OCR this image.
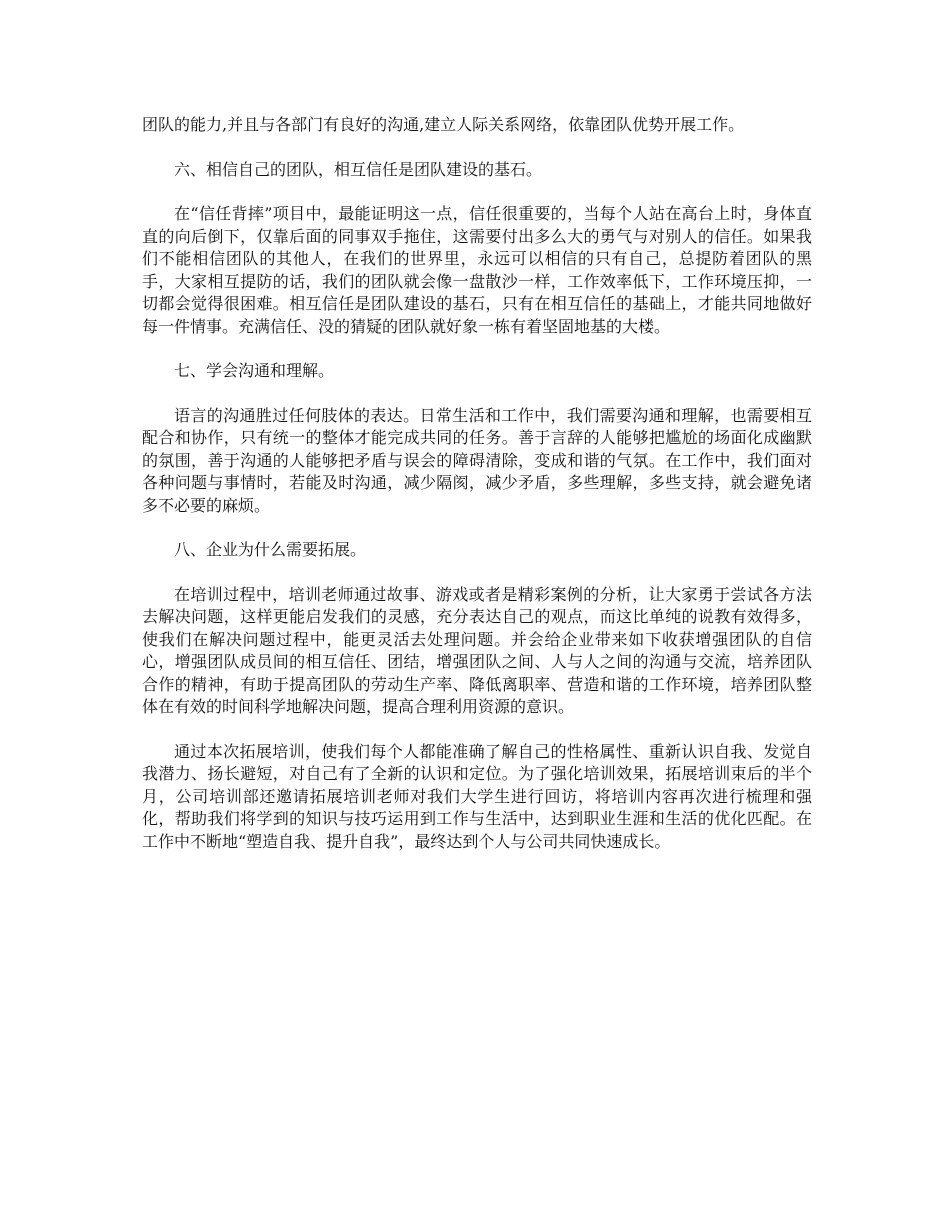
团队的能力,并且与各部门有良好的沟通,建立人际关系网络，依靠团队优势开展工作。

六、相信自己的团队，相互信任是团队建设的基石。

在“信任背摔”项目中，最能证明这一点，信任很重要的，当每个人站在高台上时，身体直直的向后倒下，仅靠后面的同事双手拖住，这需要付出多么大的勇气与对别人的信任。如果我们不能相信团队的其他人，在我们的世界里，永远可以相信的只有自己，总提防着团队的黑手，大家相互提防的话，我们的团队就会像一盘散沙一样，工作效率低下，工作环境压抑，一切都会觉得很困难。相互信任是团队建设的基石，只有在相互信任的基础上，才能共同地做好每一件情事。充满信任、没的猜疑的团队就好象一栋有着坚固地基的大楼。

七、学会沟通和理解。

语言的沟通胜过任何肢体的表达。日常生活和工作中，我们需要沟通和理解，也需要相互配合和协作，只有统一的整体才能完成共同的任务。善于言辞的人能够把尴尬的场面化成幽默的氛围，善于沟通的人能够把矛盾与误会的障碍清除，变成和谐的气氛。在工作中，我们面对各种问题与事情时，若能及时沟通，减少隔阂，减少矛盾，多些理解，多些支持，就会避免诸多不必要的麻烦。

八、企业为什么需要拓展。

在培训过程中，培训老师通过故事、游戏或者是精彩案例的分析，让大家勇于尝试各方法去解决问题，这样更能启发我们的灵感，充分表达自己的观点，而这比单纯的说教有效得多，使我们在解决问题过程中，能更灵活去处理问题。并会给企业带来如下收获增强团队的自信心，增强团队成员间的相互信任、团结，增强团队之间、人与人之间的沟通与交流，培养团队合作的精神，有助于提高团队的劳动生产率、降低离职率、营造和谐的工作环境，培养团队整体在有效的时间科学地解决问题，提高合理利用资源的意识。

通过本次拓展培训，使我们每个人都能准确了解自己的性格属性、重新认识自我、发觉自我潜力、扬长避短，对自己有了全新的认识和定位。为了强化培训效果，拓展培训束后的半个月，公司培训部还邀请拓展培训老师对我们大学生进行回访，将培训内容再次进行梳理和强化，帮助我们将学到的知识与技巧运用到工作与生活中，达到职业生涯和生活的优化匹配。在工作中不断地“塑造自我、提升自我”，最终达到个人与公司共同快速成长。
